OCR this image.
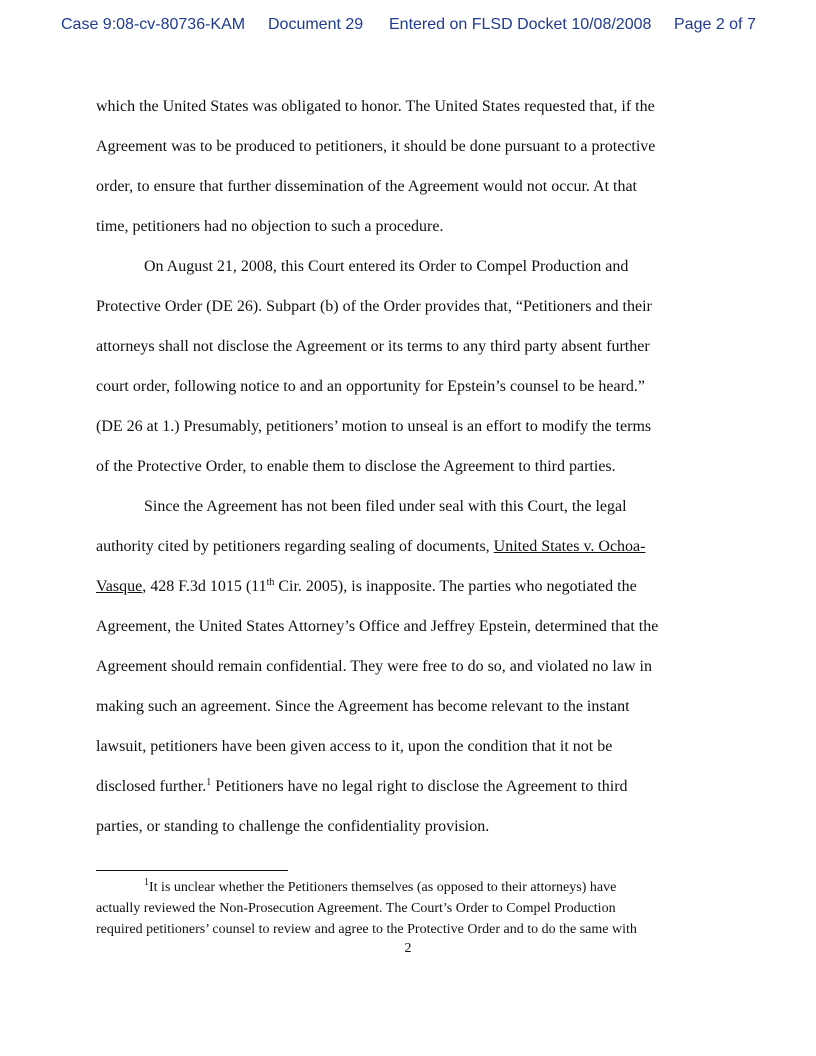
Case 9:08-cv-80736-KAM Document 29 Entered on FLSD Docket 10/08/2008 Page 2 of 7

which the United States was obligated to honor. The United States requested that, if the
Agreement was to be produced to petitioners, it should be done pursuant to a protective
order, to ensure that further dissemination of the Agreement would not occur. At that
time, petitioners had no objection to such a procedure.

On August 21, 2008, this Court entered its Order to Compel Production and
Protective Order (DE 26). Subpart (b) of the Order provides that, “Petitioners and their
attorneys shall not disclose the Agreement or its terms to any third party absent further
court order, following notice to and an opportunity for Epstein’s counsel to be heard.”
(DE 26 at 1.) Presumably, petitioners’ motion to unseal is an effort to modify the terms
of the Protective Order, to enable them to disclose the Agreement to third parties.

Since the Agreement has not been filed under seal with this Court, the legal
authority cited by petitioners regarding sealing of documents, United States v. Ochoa-
Vasque, 428 F.3d 1015 (11th Cir. 2005), is inapposite. The parties who negotiated the
Agreement, the United States Attorney’s Office and Jeffrey Epstein, determined that the
Agreement should remain confidential. They were free to do so, and violated no law in
making such an agreement. Since the Agreement has become relevant to the instant
lawsuit, petitioners have been given access to it, upon the condition that it not be
disclosed further.$^1$ Petitioners have no legal right to disclose the Agreement to third
parties, or standing to challenge the confidentiality provision.

$^1$It is unclear whether the Petitioners themselves (as opposed to their attorneys) have
actually reviewed the Non-Prosecution Agreement. The Court’s Order to Compel Production
required petitioners’ counsel to review and agree to the Protective Order and to do the same with
2
